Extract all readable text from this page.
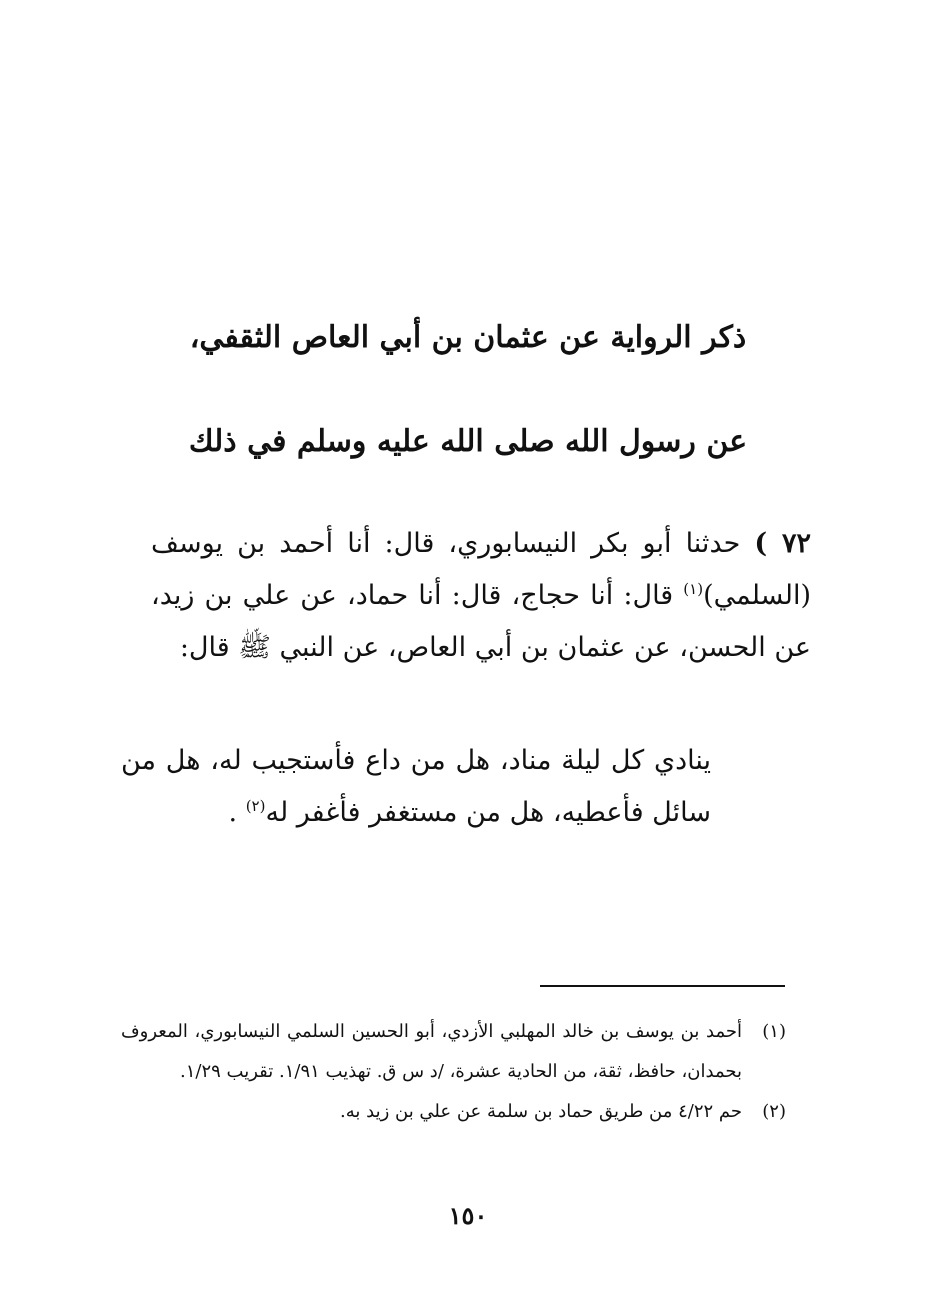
ذكر الرواية عن عثمان بن أبي العاص الثقفي،
عن رسول الله صلى الله عليه وسلم في ذلك
٧٢ )حدثنا أبو بكر النيسابوري، قال: أنا أحمد بن يوسف (السلمي)$^{(١)}$ قال: أنا حجاج، قال: أنا حماد، عن علي بن زيد، عن الحسن، عن عثمان بن أبي العاص، عن النبي ﷺ قال:
ينادي كل ليلة مناد، هل من داع فأستجيب له، هل من سائل فأعطيه، هل من مستغفر فأغفر له$^{(٢)}$ .
(١)
أحمد بن يوسف بن خالد المهلبي الأزدي، أبو الحسين السلمي النيسابوري، المعروف بحمدان، حافظ، ثقة، من الحادية عشرة، /د س ق. تهذيب ١/٩١. تقريب ١/٢٩.
(٢)
حم ٤/٢٢ من طريق حماد بن سلمة عن علي بن زيد به.
١٥٠
